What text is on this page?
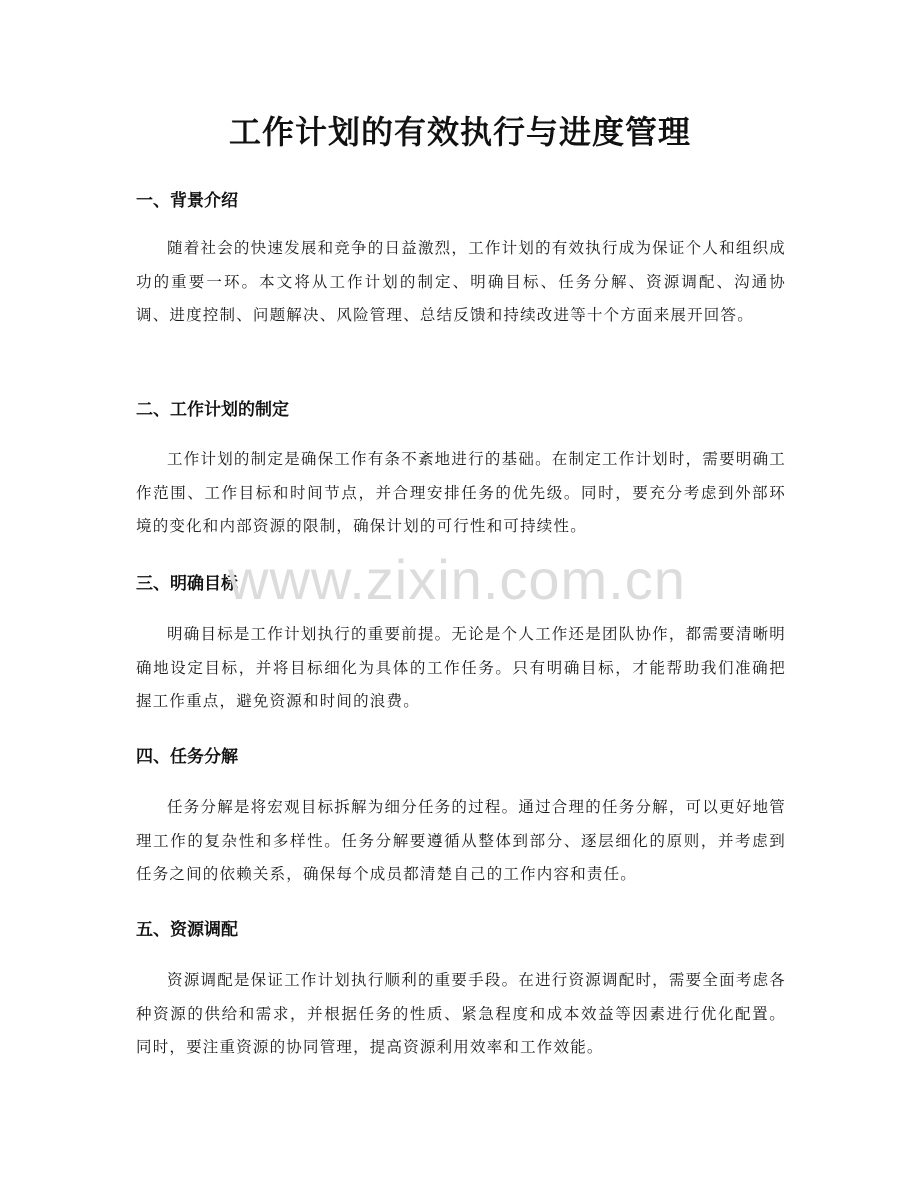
工作计划的有效执行与进度管理
一、背景介绍

随着社会的快速发展和竞争的日益激烈，工作计划的有效执行成为保证个人和组织成功的重要一环。本文将从工作计划的制定、明确目标、任务分解、资源调配、沟通协调、进度控制、问题解决、风险管理、总结反馈和持续改进等十个方面来展开回答。

二、工作计划的制定

工作计划的制定是确保工作有条不紊地进行的基础。在制定工作计划时，需要明确工作范围、工作目标和时间节点，并合理安排任务的优先级。同时，要充分考虑到外部环境的变化和内部资源的限制，确保计划的可行性和可持续性。

三、明确目标

明确目标是工作计划执行的重要前提。无论是个人工作还是团队协作，都需要清晰明确地设定目标，并将目标细化为具体的工作任务。只有明确目标，才能帮助我们准确把握工作重点，避免资源和时间的浪费。

四、任务分解

任务分解是将宏观目标拆解为细分任务的过程。通过合理的任务分解，可以更好地管理工作的复杂性和多样性。任务分解要遵循从整体到部分、逐层细化的原则，并考虑到任务之间的依赖关系，确保每个成员都清楚自己的工作内容和责任。

五、资源调配

资源调配是保证工作计划执行顺利的重要手段。在进行资源调配时，需要全面考虑各种资源的供给和需求，并根据任务的性质、紧急程度和成本效益等因素进行优化配置。同时，要注重资源的协同管理，提高资源利用效率和工作效能。

www.zixin.com.cn
